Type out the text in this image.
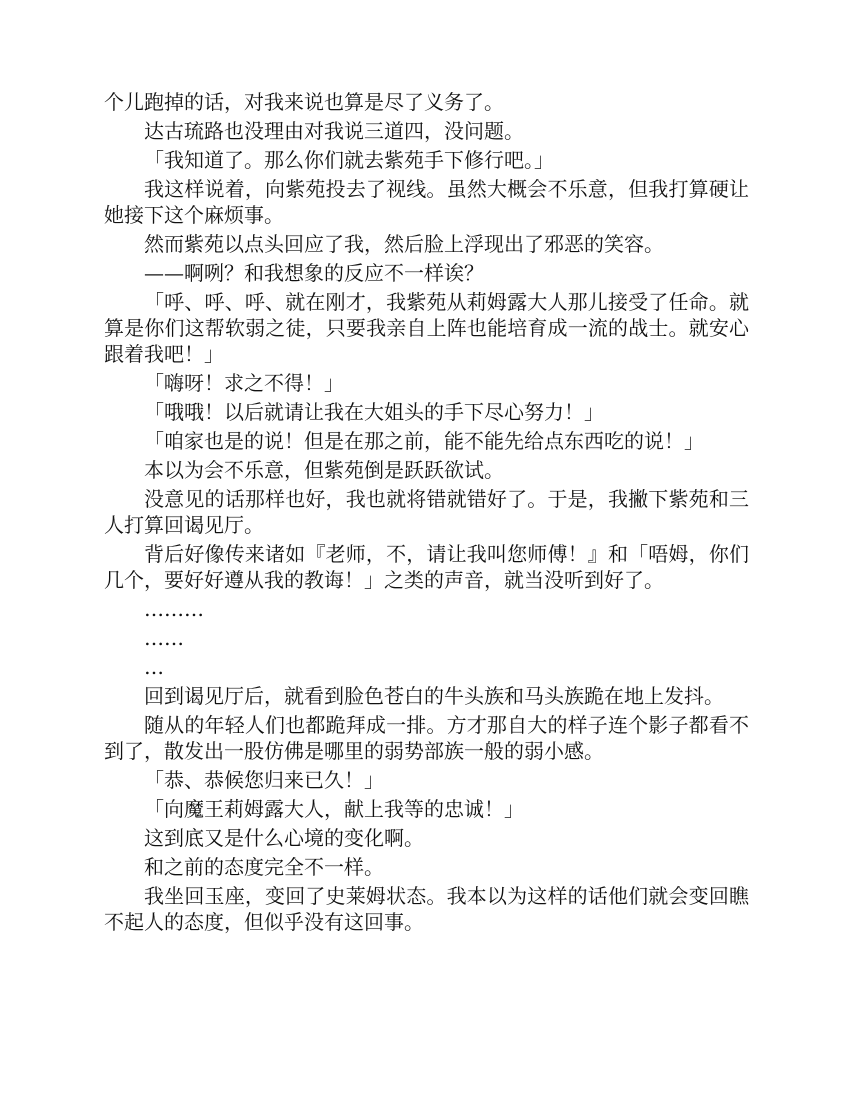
个儿跑掉的话，对我来说也算是尽了义务了。

达古琉路也没理由对我说三道四，没问题。

「我知道了。那么你们就去紫苑手下修行吧。」

我这样说着，向紫苑投去了视线。虽然大概会不乐意，但我打算硬让她接下这个麻烦事。

然而紫苑以点头回应了我，然后脸上浮现出了邪恶的笑容。

——啊咧？和我想象的反应不一样诶？

「呼、呼、呼、就在刚才，我紫苑从莉姆露大人那儿接受了任命。就算是你们这帮软弱之徒，只要我亲自上阵也能培育成一流的战士。就安心跟着我吧！」

「嗨呀！求之不得！」

「哦哦！以后就请让我在大姐头的手下尽心努力！」

「咱家也是的说！但是在那之前，能不能先给点东西吃的说！」

本以为会不乐意，但紫苑倒是跃跃欲试。

没意见的话那样也好，我也就将错就错好了。于是，我撇下紫苑和三人打算回谒见厅。

背后好像传来诸如『老师，不，请让我叫您师傅！』和「唔姆，你们几个，要好好遵从我的教诲！」之类的声音，就当没听到好了。

………

……

…

回到谒见厅后，就看到脸色苍白的牛头族和马头族跪在地上发抖。

随从的年轻人们也都跪拜成一排。方才那自大的样子连个影子都看不到了，散发出一股仿佛是哪里的弱势部族一般的弱小感。

「恭、恭候您归来已久！」

「向魔王莉姆露大人，献上我等的忠诚！」

这到底又是什么心境的变化啊。

和之前的态度完全不一样。

我坐回玉座，变回了史莱姆状态。我本以为这样的话他们就会变回瞧不起人的态度，但似乎没有这回事。
